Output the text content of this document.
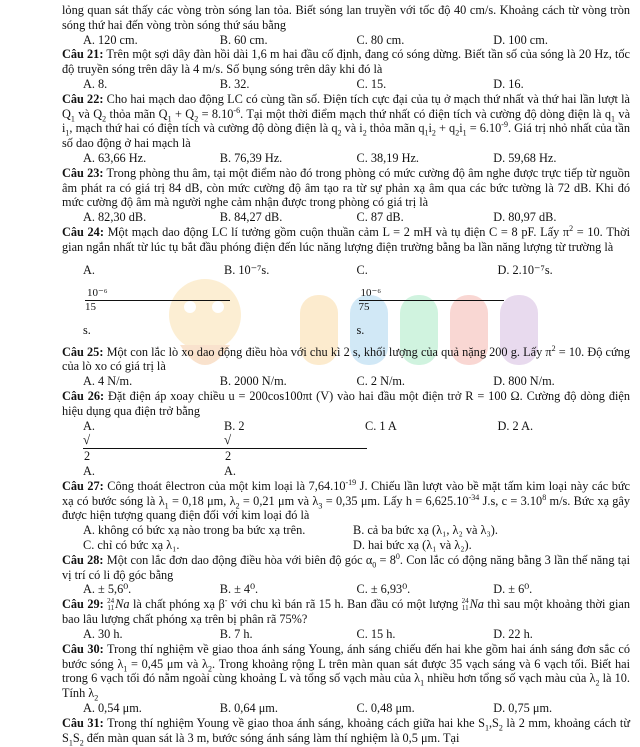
lỏng quan sát thấy các vòng tròn sóng lan tỏa. Biết sóng lan truyền với tốc độ 40 cm/s. Khoảng cách từ vòng tròn sóng thứ hai đến vòng tròn sóng thứ sáu bằng

A. 120 cm.	B. 60 cm.	C. 80 cm.	D. 100 cm.

Câu 21: Trên một sợi dây đàn hồi dài 1,6 m hai đầu cố định, đang có sóng dừng. Biết tần số của sóng là 20 Hz, tốc độ truyền sóng trên dây là 4 m/s. Số bụng sóng trên dây khi đó là

A. 8.	B. 32.	C. 15.	D. 16.

Câu 22: Cho hai mạch dao động LC có cùng tần số. Điện tích cực đại của tụ ở mạch thứ nhất và thứ hai lần lượt là $Q_1$ và $Q_2$ thỏa mãn $Q_1 + Q_2 = 8.10^{-6}$. Tại một thời điểm mạch thứ nhất có điện tích và cường độ dòng điện là $q_1$ và $i_1$, mạch thứ hai có điện tích và cường độ dòng điện là $q_2$ và $i_2$ thỏa mãn $q_1i_2 + q_2i_1 = 6.10^{-9}$. Giá trị nhỏ nhất của tần số dao động ở hai mạch là

A. 63,66 Hz.	B. 76,39 Hz.	C. 38,19 Hz.	D. 59,68 Hz.

Câu 23: Trong phòng thu âm, tại một điểm nào đó trong phòng có mức cường độ âm nghe được trực tiếp từ nguồn âm phát ra có giá trị 84 dB, còn mức cường độ âm tạo ra từ sự phản xạ âm qua các bức tường là 72 dB. Khi đó mức cường độ âm mà người nghe cảm nhận được trong phòng có giá trị là

A. 82,30 dB.	B. 84,27 dB.	C. 87 dB.	D. 80,97 dB.

Câu 24: Một mạch dao động LC lí tưởng gồm cuộn thuần cảm L = 2 mH và tụ điện C = 8 pF. Lấy $\pi^2 = 10$. Thời gian ngắn nhất từ lúc tụ bắt đầu phóng điện đến lúc năng lượng điện trường bằng ba lần năng lượng từ trường là

A. $\frac{\text{10⁻⁶}}{15}s$.
B. 10⁻⁷s.	C. $\frac{\text{10⁻⁶}}{75}s$.
D. 2.10⁻⁷s.

Câu 25: Một con lắc lò xo dao động điều hòa với chu kì 2 s, khối lượng của quả nặng 200 g. Lấy $\pi^2 = 10$. Độ cứng của lò xo có giá trị là

A. 4 N/m.	B. 2000 N/m.	C. 2 N/m.	D. 800 N/m.

Câu 26: Đặt điện áp xoay chiều u = 200cos100πt (V) vào hai đầu một điện trở R = 100 Ω. Cường độ dòng điện hiệu dụng qua điện trở bằng

A. √2A.
B. 2√2A.
C. 1 A	D. 2 A.

Câu 27: Công thoát êlectron của một kim loại là $7,64.10^{-19}$ J. Chiếu lần lượt vào bề mặt tấm kim loại này các bức xạ có bước sóng là $\lambda_1 = 0,18$ μm, $\lambda_2 = 0,21$ μm và $\lambda_3 = 0,35$ μm. Lấy $h = 6,625.10^{-34}$ J.s, $c = 3.10^8$ m/s. Bức xạ gây được hiện tượng quang điện đối với kim loại đó là

A. không có bức xạ nào trong ba bức xạ trên.	B. cả ba bức xạ (λ₁, λ₂ và λ₃).
C. chỉ có bức xạ λ₁.	D. hai bức xạ (λ₁ và λ₂).

Câu 28: Một con lắc đơn dao động điều hòa với biên độ góc $\alpha_0 = 8^0$. Con lắc có động năng bằng 3 lần thế năng tại vị trí có li độ góc bằng

A. ± 5,6⁰.	B. ± 4⁰.	C. ± 6,93⁰.	D. ± 6⁰.

Câu 29: 24
11 Na là chất phóng xạ β- với chu kì bán rã 15 h. Ban đầu có một lượng 24
11 Na thì sau một khoảng thời gian bao lâu lượng chất phóng xạ trên bị phân rã 75%?

A. 30 h.	B. 7 h.	C. 15 h.	D. 22 h.

Câu 30: Trong thí nghiệm về giao thoa ánh sáng Young, ánh sáng chiếu đến hai khe gồm hai ánh sáng đơn sắc có bước sóng $\lambda_1 = 0,45$ μm và $\lambda_2$. Trong khoảng rộng L trên màn quan sát được 35 vạch sáng và 6 vạch tối. Biết hai trong 6 vạch tối đó nằm ngoài cùng khoảng L và tổng số vạch màu của $\lambda_1$ nhiều hơn tổng số vạch màu của $\lambda_2$ là 10. Tính $\lambda_2$

A. 0,54 μm.	B. 0,64 μm.	C. 0,48 μm.	D. 0,75 μm.

Câu 31: Trong thí nghiệm Young về giao thoa ánh sáng, khoảng cách giữa hai khe $S_1,S_2$ là 2 mm, khoảng cách từ $S_1S_2$ đến màn quan sát là 3 m, bước sóng ánh sáng làm thí nghiệm là 0,5 μm. Tại
